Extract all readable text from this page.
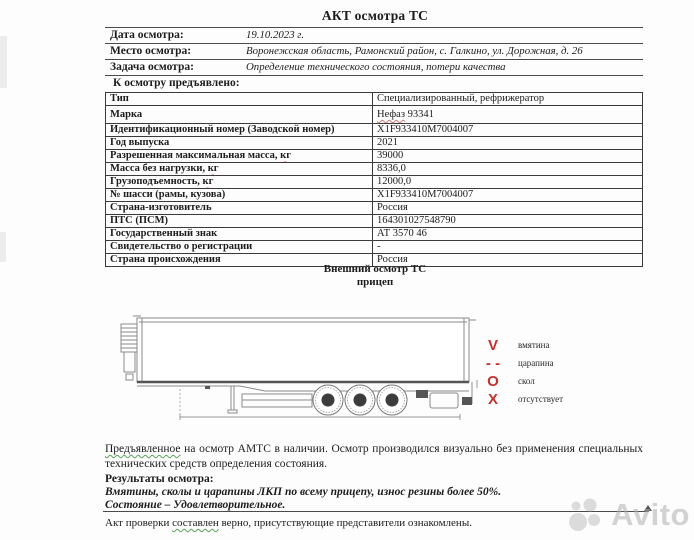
АКТ осмотра ТС
Дата осмотра:	19.10.2023 г.
Место осмотра:	Воронежская область, Рамонский район, с. Галкино, ул. Дорожная, д. 26
Задача осмотра:	Определение технического состояния, потери качества
К осмотру предъявлено:
Тип	Специализированный, рефрижератор
Марка	Нефаз 93341
Идентификационный номер (Заводской номер)	X1F933410M7004007
Год выпуска	2021
Разрешенная максимальная масса, кг	39000
Масса без нагрузки, кг	8336,0
Грузоподъемность, кг	12000,0
№ шасси (рамы, кузова)	X1F933410M7004007
Страна-изготовитель	Россия
ПТС (ПСМ)	164301027548790
Государственный знак	АТ 3570 46
Свидетельство о регистрации	-
Страна происхождения	Россия
Внешний осмотр ТС
прицеп
V	вмятина
- -	царапина
O	скол
X	отсутствует
Предъявленное на осмотр АМТС в наличии. Осмотр производился визуально без применения специальных технических средств определения состояния.
Результаты осмотра:
Вмятины, сколы и царапины ЛКП по всему прицепу, износ резины более 50%.
Состояние – Удовлетворительное.
Акт проверки составлен верно, присутствующие представители ознакомлены.	Avito
